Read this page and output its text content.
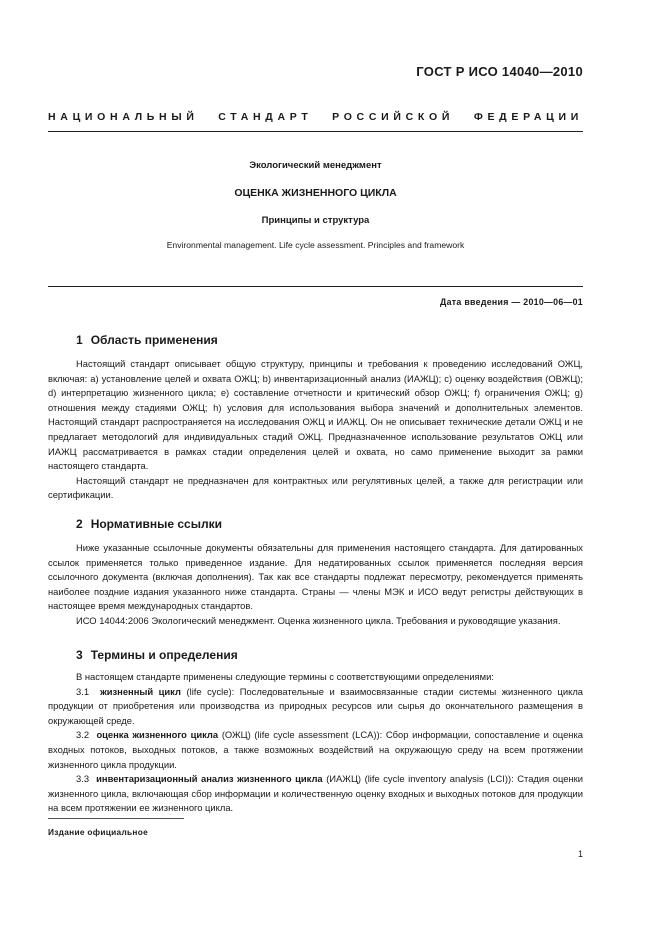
ГОСТ Р ИСО 14040—2010
НАЦИОНАЛЬНЫЙ СТАНДАРТ РОССИЙСКОЙ ФЕДЕРАЦИИ
Экологический менеджмент
ОЦЕНКА ЖИЗНЕННОГО ЦИКЛА
Принципы и структура
Environmental management. Life cycle assessment. Principles and framework
Дата введения — 2010—06—01
1 Область применения

Настоящий стандарт описывает общую структуру, принципы и требования к проведению исследований ОЖЦ, включая: а) установление целей и охвата ОЖЦ; b) инвентаризационный анализ (ИАЖЦ); с) оценку воздействия (ОВЖЦ); d) интерпретацию жизненного цикла; е) составление отчетности и критический обзор ОЖЦ; f) ограничения ОЖЦ; g) отношения между стадиями ОЖЦ; h) условия для использования выбора значений и дополнительных элементов. Настоящий стандарт распространяется на исследования ОЖЦ и ИАЖЦ. Он не описывает технические детали ОЖЦ и не предлагает методологий для индивидуальных стадий ОЖЦ. Предназначенное использование результатов ОЖЦ или ИАЖЦ рассматривается в рамках стадии определения целей и охвата, но само применение выходит за рамки настоящего стандарта.

Настоящий стандарт не предназначен для контрактных или регулятивных целей, а также для регистрации или сертификации.

2 Нормативные ссылки

Ниже указанные ссылочные документы обязательны для применения настоящего стандарта. Для датированных ссылок применяется только приведенное издание. Для недатированных ссылок применяется последняя версия ссылочного документа (включая дополнения). Так как все стандарты подлежат пересмотру, рекомендуется применять наиболее поздние издания указанного ниже стандарта. Страны — члены МЭК и ИСО ведут регистры действующих в настоящее время международных стандартов.

ИСО 14044:2006 Экологический менеджмент. Оценка жизненного цикла. Требования и руководящие указания.

3 Термины и определения

В настоящем стандарте применены следующие термины с соответствующими определениями:

3.1 жизненный цикл (life cycle): Последовательные и взаимосвязанные стадии системы жизненного цикла продукции от приобретения или производства из природных ресурсов или сырья до окончательного размещения в окружающей среде.

3.2 оценка жизненного цикла (ОЖЦ) (life cycle assessment (LCA)): Сбор информации, сопоставление и оценка входных потоков, выходных потоков, а также возможных воздействий на окружающую среду на всем протяжении жизненного цикла продукции.

3.3 инвентаризационный анализ жизненного цикла (ИАЖЦ) (life cycle inventory analysis (LCI)): Стадия оценки жизненного цикла, включающая сбор информации и количественную оценку входных и выходных потоков для продукции на всем протяжении ее жизненного цикла.

Издание официальное
1
